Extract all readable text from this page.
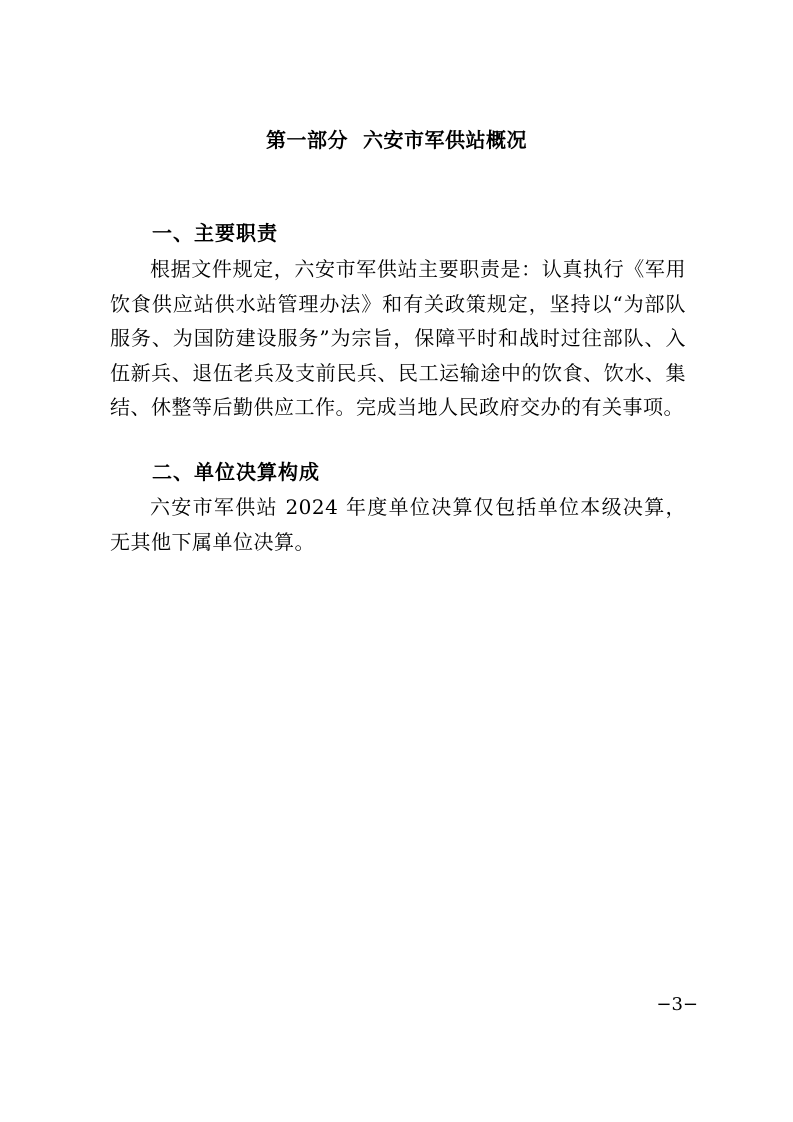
第一部分  六安市军供站概况
一、主要职责
根据文件规定，六安市军供站主要职责是：认真执行《军用饮食供应站供水站管理办法》和有关政策规定，坚持以“为部队服务、为国防建设服务”为宗旨，保障平时和战时过往部队、入伍新兵、退伍老兵及支前民兵、民工运输途中的饮食、饮水、集结、休整等后勤供应工作。完成当地人民政府交办的有关事项。
二、单位决算构成
六安市军供站 2024 年度单位决算仅包括单位本级决算，无其他下属单位决算。
−3−
